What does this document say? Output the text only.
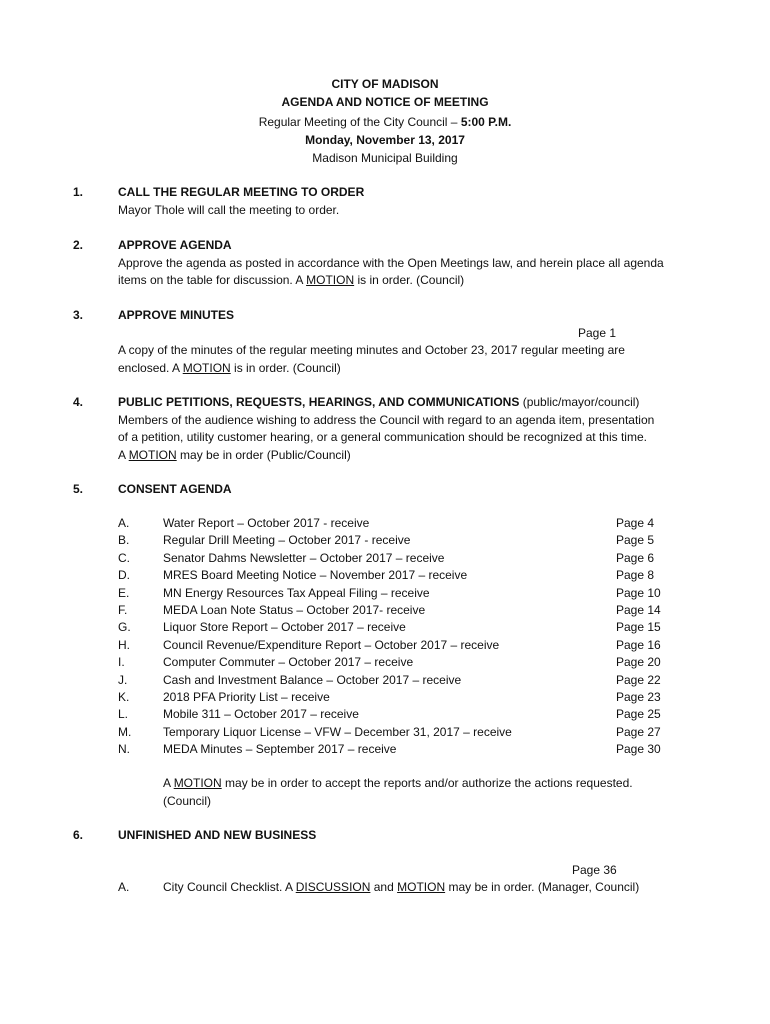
CITY OF MADISON
AGENDA AND NOTICE OF MEETING
Regular Meeting of the City Council – 5:00 P.M.
Monday, November 13, 2017
Madison Municipal Building
1.	CALL THE REGULAR MEETING TO ORDER
Mayor Thole will call the meeting to order.
2.	APPROVE AGENDA
Approve the agenda as posted in accordance with the Open Meetings law, and herein place all agenda
items on the table for discussion. A MOTION is in order. (Council)
3.	APPROVE MINUTES
Page 1
A copy of the minutes of the regular meeting minutes and October 23, 2017 regular meeting are
enclosed. A MOTION is in order. (Council)
4.	PUBLIC PETITIONS, REQUESTS, HEARINGS, AND COMMUNICATIONS (public/mayor/council)
Members of the audience wishing to address the Council with regard to an agenda item, presentation
of a petition, utility customer hearing, or a general communication should be recognized at this time.
A MOTION may be in order (Public/Council)
5.	CONSENT AGENDA
A.	Water Report – October 2017 - receive	Page 4
B.	Regular Drill Meeting – October 2017 - receive	Page 5
C.	Senator Dahms Newsletter – October 2017 – receive	Page 6
D.	MRES Board Meeting Notice – November 2017 – receive	Page 8
E.	MN Energy Resources Tax Appeal Filing – receive	Page 10
F.	MEDA Loan Note Status – October 2017- receive	Page 14
G.	Liquor Store Report – October 2017 – receive	Page 15
H.	Council Revenue/Expenditure Report – October 2017 – receive	Page 16
I.	Computer Commuter – October 2017 – receive	Page 20
J.	Cash and Investment Balance – October 2017 – receive	Page 22
K.	2018 PFA Priority List – receive	Page 23
L.	Mobile 311 – October 2017 – receive	Page 25
M.	Temporary Liquor License – VFW – December 31, 2017 – receive	Page 27
N.	MEDA Minutes – September 2017 – receive	Page 30
A MOTION may be in order to accept the reports and/or authorize the actions requested.
(Council)
6.	UNFINISHED AND NEW BUSINESS
Page 36
A.	City Council Checklist. A DISCUSSION and MOTION may be in order. (Manager, Council)
